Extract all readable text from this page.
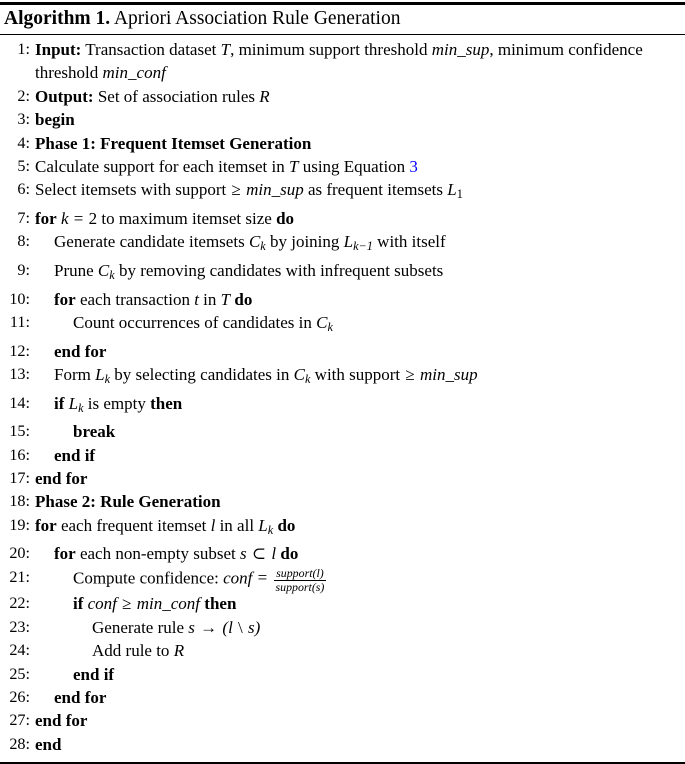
Algorithm 1. Apriori Association Rule Generation
1: Input: Transaction dataset T, minimum support threshold min_sup, minimum confidence threshold min_conf
2: Output: Set of association rules R
3: begin
4: Phase 1: Frequent Itemset Generation
5: Calculate support for each itemset in T using Equation 3
6: Select itemsets with support ≥ min_sup as frequent itemsets L1
7: for k = 2 to maximum itemset size do
8:	Generate candidate itemsets $C_k$ by joining $L_{k-1}$ with itself
9:	Prune $C_k$ by removing candidates with infrequent subsets
10:	for each transaction t in T do
11:	Count occurrences of candidates in $C_k$
12:	end for
13:	Form $L_k$ by selecting candidates in $C_k$ with support ≥ min_sup
14:	if $L_k$ is empty then
15:	break
16:	end if
17: end for
18: Phase 2: Rule Generation
19: for each frequent itemset l in all $L_k$ do
20:	for each non-empty subset s ⊂ l do
21:	Compute confidence: conf = $\frac{\text{support(l)}}{\text{support(s)}}$
22:	if conf ≥ min_conf then
23:	Generate rule s → (l \ s)
24:	Add rule to R
25:	end if
26:	end for
27: end for
28: end
